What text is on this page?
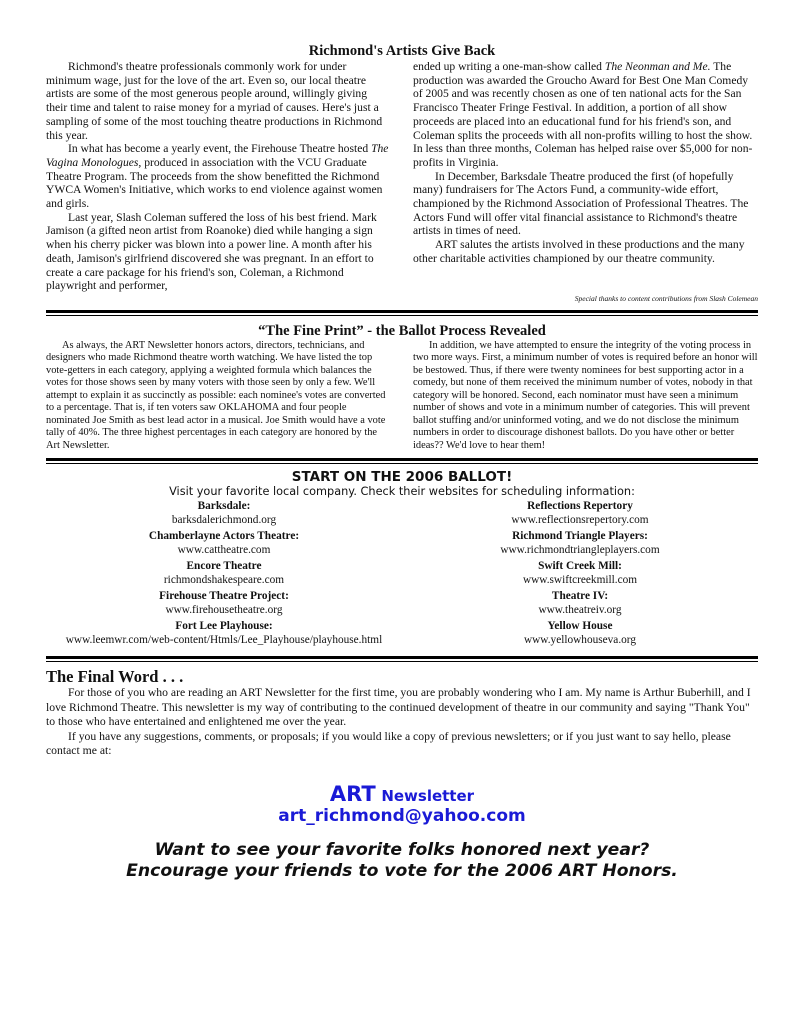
Richmond's Artists Give Back

Richmond's theatre professionals commonly work for under minimum wage, just for the love of the art. Even so, our local theatre artists are some of the most generous people around, willingly giving their time and talent to raise money for a myriad of causes. Here's just a sampling of some of the most touching theatre productions in Richmond this year.

In what has become a yearly event, the Firehouse Theatre hosted The Vagina Monologues, produced in association with the VCU Graduate Theatre Program. The proceeds from the show benefitted the Richmond YWCA Women's Initiative, which works to end violence against women and girls.

Last year, Slash Coleman suffered the loss of his best friend. Mark Jamison (a gifted neon artist from Roanoke) died while hanging a sign when his cherry picker was blown into a power line. A month after his death, Jamison's girlfriend discovered she was pregnant. In an effort to create a care package for his friend's son, Coleman, a Richmond playwright and performer,

ended up writing a one-man-show called The Neonman and Me. The production was awarded the Groucho Award for Best One Man Comedy of 2005 and was recently chosen as one of ten national acts for the San Francisco Theater Fringe Festival. In addition, a portion of all show proceeds are placed into an educational fund for his friend's son, and Coleman splits the proceeds with all non-profits willing to host the show. In less than three months, Coleman has helped raise over $5,000 for non-profits in Virginia.

In December, Barksdale Theatre produced the first (of hopefully many) fundraisers for The Actors Fund, a community-wide effort, championed by the Richmond Association of Professional Theatres. The Actors Fund will offer vital financial assistance to Richmond's theatre artists in times of need.

ART salutes the artists involved in these productions and the many other charitable activities championed by our theatre community.

Special thanks to content contributions from Slash Colemean
“The Fine Print” - the Ballot Process Revealed

As always, the ART Newsletter honors actors, directors, technicians, and designers who made Richmond theatre worth watching. We have listed the top vote-getters in each category, applying a weighted formula which balances the votes for those shows seen by many voters with those seen by only a few. We'll attempt to explain it as succinctly as possible: each nominee's votes are converted to a percentage. That is, if ten voters saw OKLAHOMA and four people nominated Joe Smith as best lead actor in a musical. Joe Smith would have a vote tally of 40%. The three highest percentages in each category are honored by the Art Newsletter.

In addition, we have attempted to ensure the integrity of the voting process in two more ways. First, a minimum number of votes is required before an honor will be bestowed. Thus, if there were twenty nominees for best supporting actor in a comedy, but none of them received the minimum number of votes, nobody in that category will be honored. Second, each nominator must have seen a minimum number of shows and vote in a minimum number of categories. This will prevent ballot stuffing and/or uninformed voting, and we do not disclose the minimum numbers in order to discourage dishonest ballots. Do you have other or better ideas?? We'd love to hear them!

START ON THE 2006 BALLOT!
Visit your favorite local company. Check their websites for scheduling information:
Barksdale:
barksdalerichmond.org
Chamberlayne Actors Theatre:
www.cattheatre.com
Encore Theatre
richmondshakespeare.com
Firehouse Theatre Project:
www.firehousetheatre.org
Fort Lee Playhouse:
www.leemwr.com/web-content/Htmls/Lee_Playhouse/playhouse.html
Reflections Repertory
www.reflectionsrepertory.com
Richmond Triangle Players:
www.richmondtriangleplayers.com
Swift Creek Mill:
www.swiftcreekmill.com
Theatre IV:
www.theatreiv.org
Yellow House
www.yellowhouseva.org
The Final Word . . .

For those of you who are reading an ART Newsletter for the first time, you are probably wondering who I am. My name is Arthur Buberhill, and I love Richmond Theatre. This newsletter is my way of contributing to the continued development of theatre in our community and saying "Thank You" to those who have entertained and enlightened me over the year.

If you have any suggestions, comments, or proposals; if you would like a copy of previous newsletters; or if you just want to say hello, please contact me at:

ART Newsletter
art_richmond@yahoo.com
Want to see your favorite folks honored next year?
Encourage your friends to vote for the 2006 ART Honors.
